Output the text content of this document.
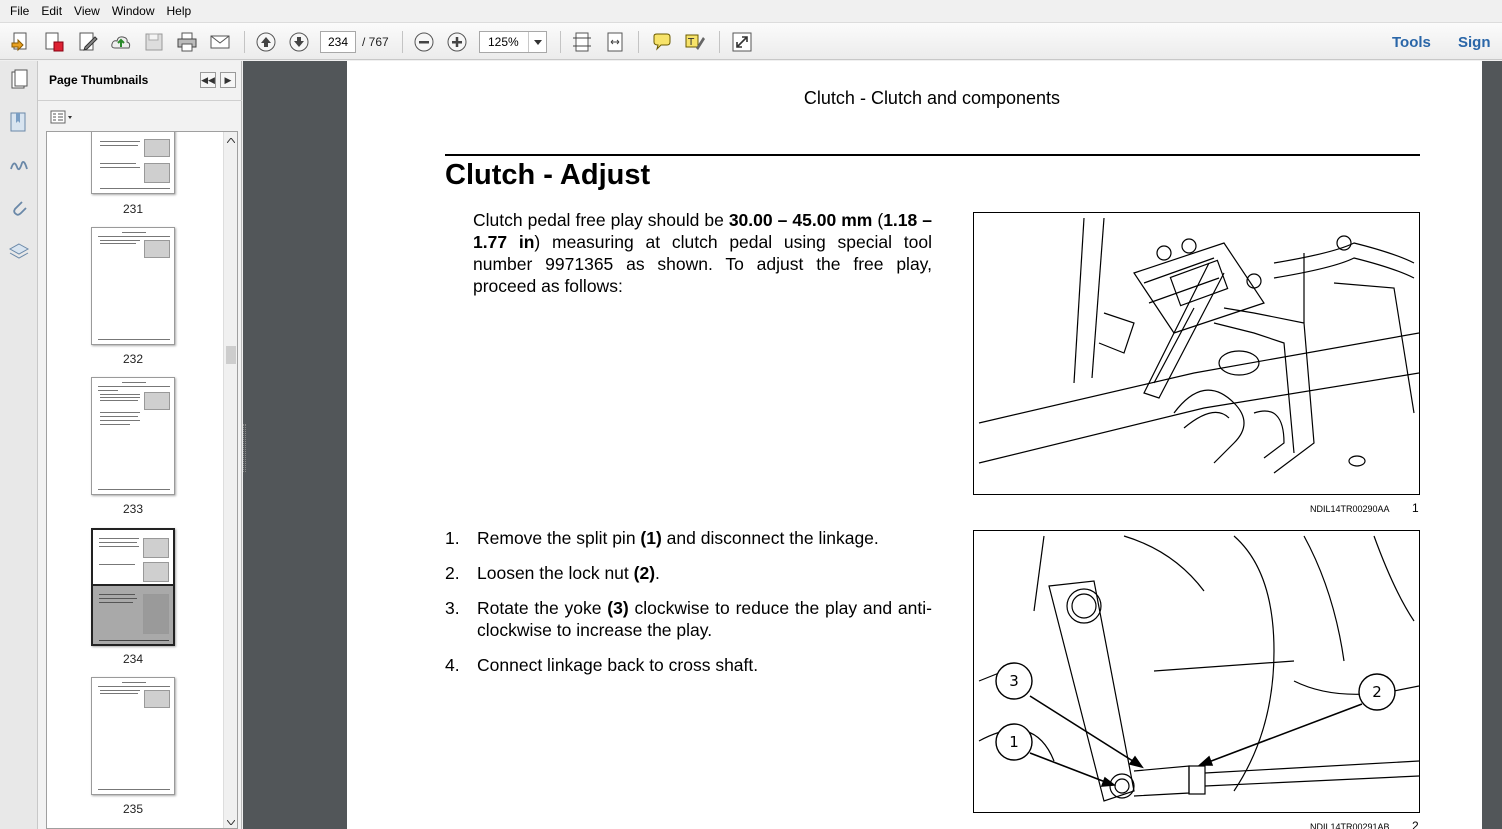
File	Edit	View	Window	Help
234
/ 767	125%	T	Tools Sign
Page Thumbnails	◀◀	▶
231
232
233
234
235
Clutch - Clutch and components
Clutch - Adjust
Clutch pedal free play should be 30.00 – 45.00 mm (1.18 – 1.77 in) measuring at clutch pedal using special tool number 9971365 as shown. To adjust the free play, proceed as follows:
1. Remove the split pin (1) and disconnect the linkage.
2. Loosen the lock nut (2).
3. Rotate the yoke (3) clockwise to reduce the play and anti-clockwise to increase the play.
4. Connect linkage back to cross shaft.
NDIL14TR00290AA 1
3
2
1
NDIL14TR00291AB 2
